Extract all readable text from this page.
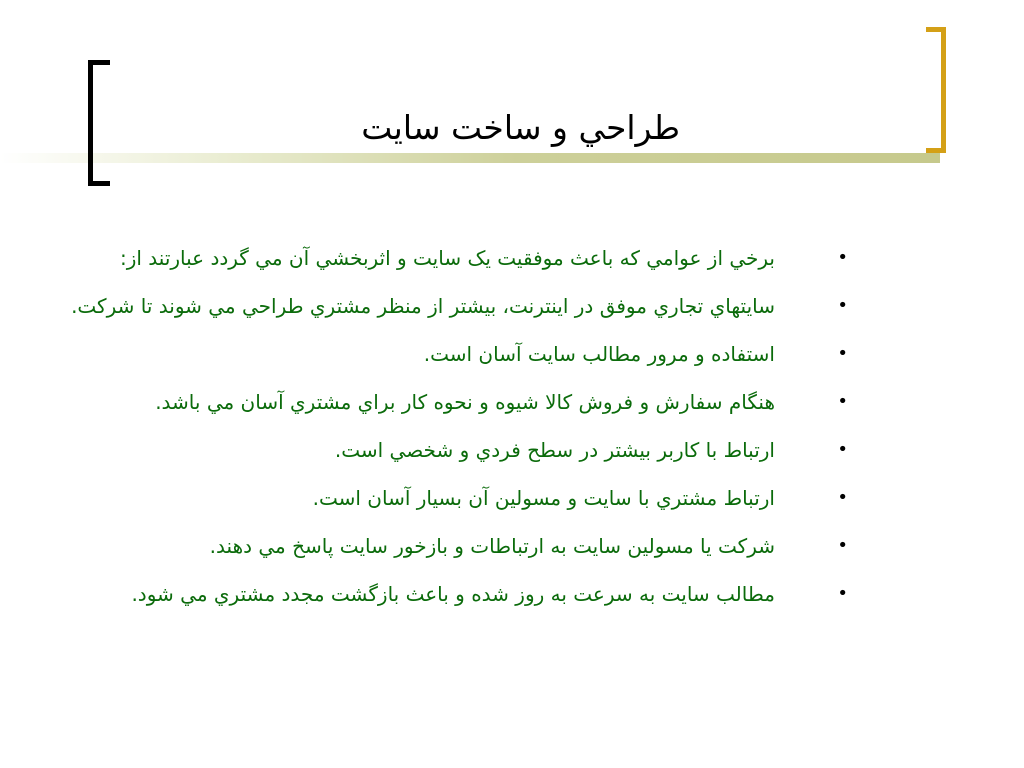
طراحي و ساخت سايت
•
برخي از عوامي كه باعث موفقيت يک سايت و اثربخشي آن مي گردد عبارتند از:
•
سايتهاي تجاري موفق در اينترنت، بيشتر از منظر مشتري طراحي مي شوند تا شركت.
•
استفاده و مرور مطالب سايت آسان است.
•
هنگام سفارش و فروش كالا شيوه و نحوه كار براي مشتري آسان مي باشد.
•
ارتباط با كاربر بيشتر در سطح فردي و شخصي است.
•
ارتباط مشتري با سايت و مسولين آن بسيار آسان است.
•
شركت يا مسولين سايت به ارتباطات و بازخور سايت پاسخ مي دهند.
•
مطالب سايت به سرعت به روز شده و باعث بازگشت مجدد مشتري مي شود.
